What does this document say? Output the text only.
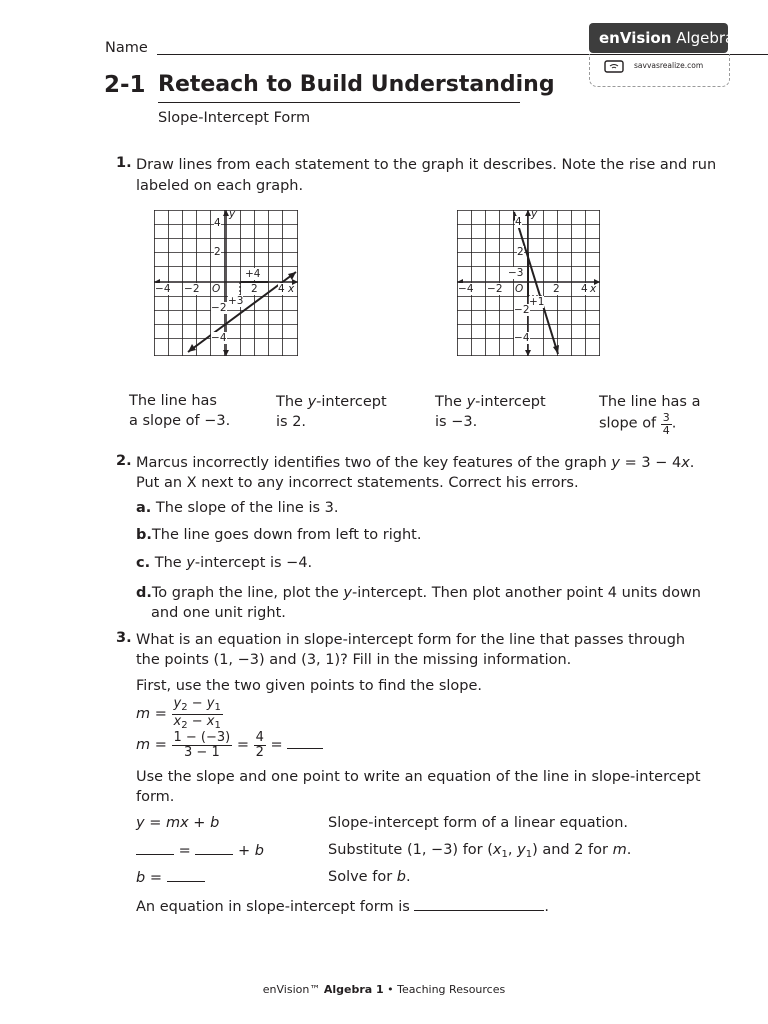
Name
enVision Algebra 1
savvasrealize.com
2-1 Reteach to Build Understanding
Slope-Intercept Form
1. Draw lines from each statement to the graph it describes. Note the rise and run labeled on each graph.
y
x
O
4
2
−2
−4
−4 −2	2 4
+4
+3
y
x
O
4
2
−2
−4
−4 −2	2 4
−3
+1
The line has
a slope of −3.
The y-intercept
is 2.
The y-intercept
is −3.
The line has a
slope of $\frac{3}{4}$ .
2. Marcus incorrectly identifies two of the key features of the graph y = 3 − 4x.
Put an X next to any incorrect statements. Correct his errors.
a. The slope of the line is 3.
b.The line goes down from left to right.
c. The y-intercept is −4.
d.To graph the line, plot the y-intercept. Then plot another point 4 units down
and one unit right.
3. What is an equation in slope-intercept form for the line that passes through
the points (1, −3) and (3, 1)? Fill in the missing information.
First, use the two given points to find the slope.
$m = \frac{y_2 - y_1}{x_2 - x_1}$
$m = \frac{1 - (-3)}{3 - 1} = \frac{4}{2}$ =
Use the slope and one point to write an equation of the line in slope-intercept
form.
y = mx + b	Slope-intercept form of a linear equation.
=	+ b	Substitute (1, −3) for ($x_1$, $y_1$) and 2 for m.
b =	Solve for b.
An equation in slope-intercept form is	.
enVision™ Algebra 1 • Teaching Resources
